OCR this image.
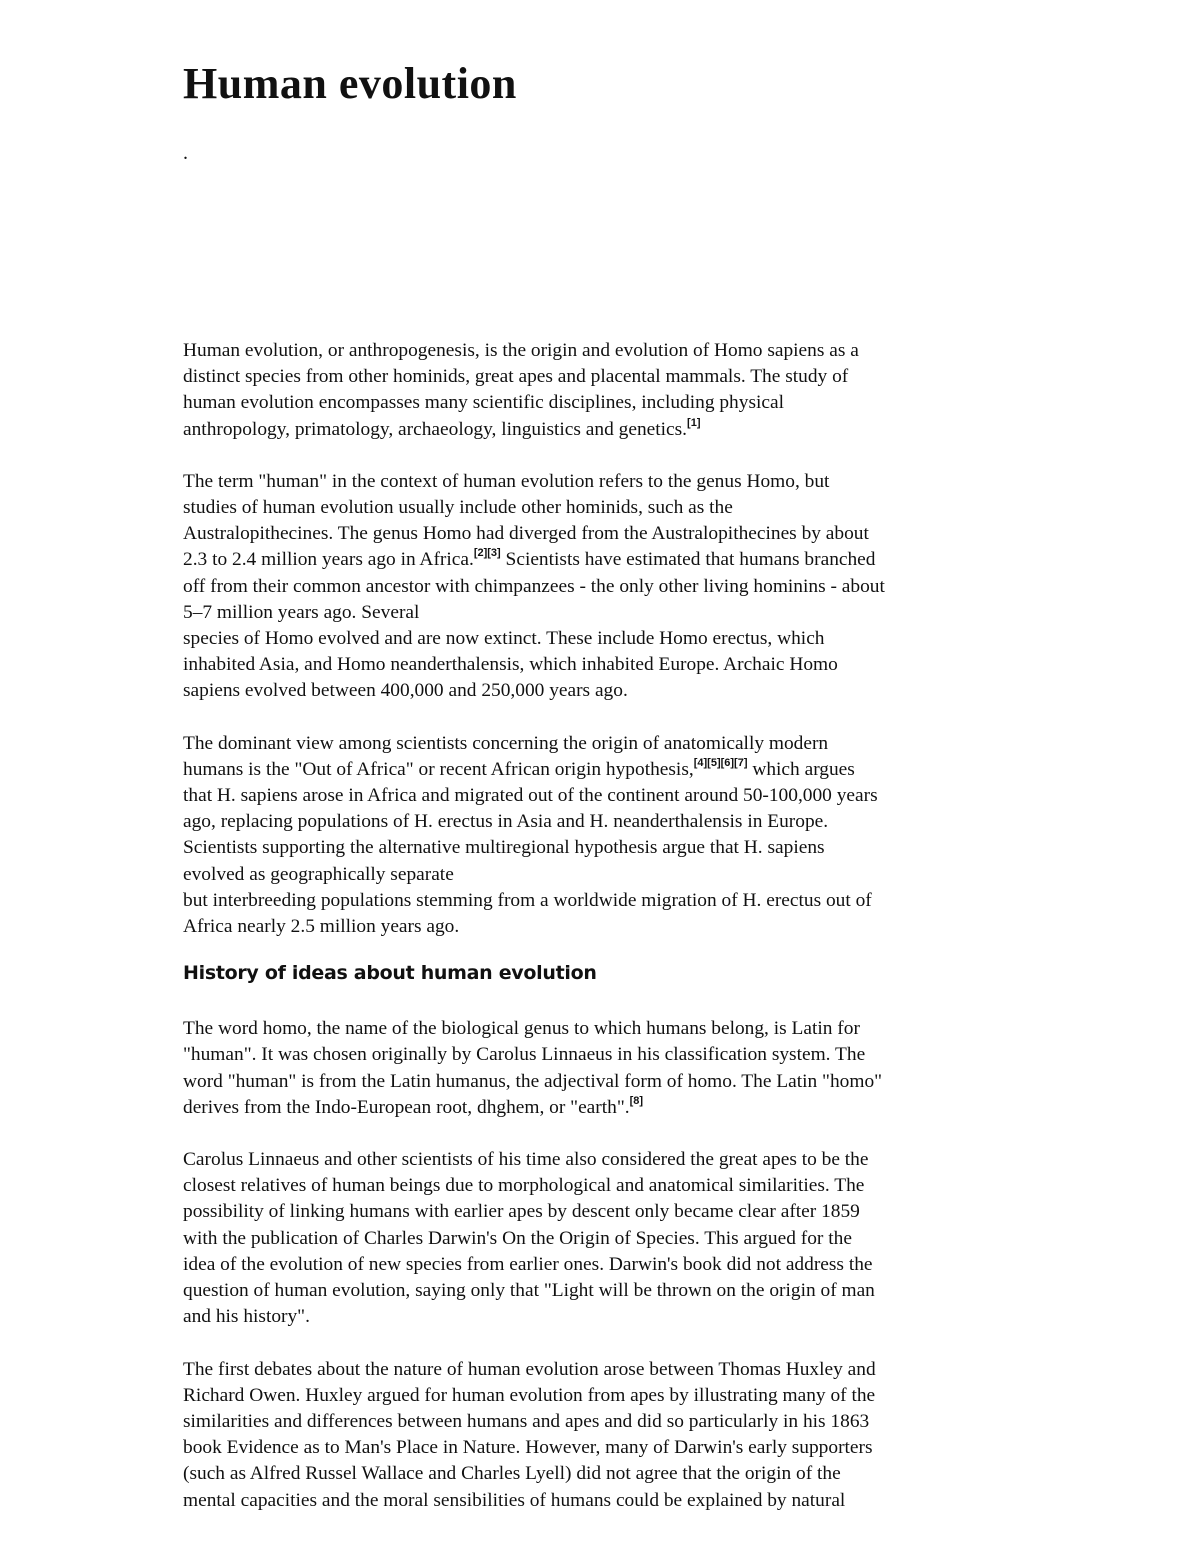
Human evolution
.

Human evolution, or anthropogenesis, is the origin and evolution of Homo sapiens as a
distinct species from other hominids, great apes and placental mammals. The study of
human evolution encompasses many scientific disciplines, including physical
anthropology, primatology, archaeology, linguistics and genetics.[1]

The term "human" in the context of human evolution refers to the genus Homo, but
studies of human evolution usually include other hominids, such as the
Australopithecines. The genus Homo had diverged from the Australopithecines by about
2.3 to 2.4 million years ago in Africa.[2][3] Scientists have estimated that humans branched
off from their common ancestor with chimpanzees - the only other living hominins - about
5–7 million years ago. Several
species of Homo evolved and are now extinct. These include Homo erectus, which
inhabited Asia, and Homo neanderthalensis, which inhabited Europe. Archaic Homo
sapiens evolved between 400,000 and 250,000 years ago.

The dominant view among scientists concerning the origin of anatomically modern
humans is the "Out of Africa" or recent African origin hypothesis,[4][5][6][7] which argues
that H. sapiens arose in Africa and migrated out of the continent around 50-100,000 years
ago, replacing populations of H. erectus in Asia and H. neanderthalensis in Europe.
Scientists supporting the alternative multiregional hypothesis argue that H. sapiens
evolved as geographically separate
but interbreeding populations stemming from a worldwide migration of H. erectus out of
Africa nearly 2.5 million years ago.

History of ideas about human evolution

The word homo, the name of the biological genus to which humans belong, is Latin for
"human". It was chosen originally by Carolus Linnaeus in his classification system. The
word "human" is from the Latin humanus, the adjectival form of homo. The Latin "homo"
derives from the Indo-European root, dhghem, or "earth".[8]

Carolus Linnaeus and other scientists of his time also considered the great apes to be the
closest relatives of human beings due to morphological and anatomical similarities. The
possibility of linking humans with earlier apes by descent only became clear after 1859
with the publication of Charles Darwin's On the Origin of Species. This argued for the
idea of the evolution of new species from earlier ones. Darwin's book did not address the
question of human evolution, saying only that "Light will be thrown on the origin of man
and his history".

The first debates about the nature of human evolution arose between Thomas Huxley and
Richard Owen. Huxley argued for human evolution from apes by illustrating many of the
similarities and differences between humans and apes and did so particularly in his 1863
book Evidence as to Man's Place in Nature. However, many of Darwin's early supporters
(such as Alfred Russel Wallace and Charles Lyell) did not agree that the origin of the
mental capacities and the moral sensibilities of humans could be explained by natural
